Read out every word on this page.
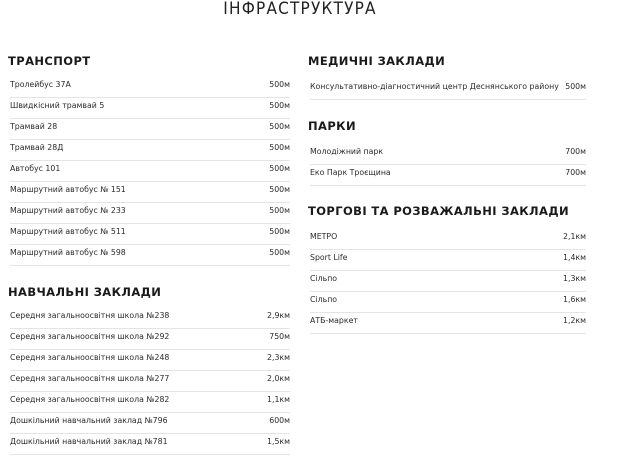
ІНФРАСТРУКТУРА
ТРАНСПОРТ
Тролейбус 37А	500м
Швидкісний трамвай 5	500м
Трамвай 28	500м
Трамвай 28Д	500м
Автобус 101	500м
Маршрутний автобус № 151	500м
Маршрутний автобус № 233	500м
Маршрутний автобус № 511	500м
Маршрутний автобус № 598	500м
НАВЧАЛЬНІ ЗАКЛАДИ
Середня загальноосвітня школа №238	2,9км
Середня загальноосвітня школа №292	750м
Середня загальноосвітня школа №248	2,3км
Середня загальноосвітня школа №277	2,0км
Середня загальноосвітня школа №282	1,1км
Дошкільний навчальний заклад №796	600м
Дошкільний навчальний заклад №781	1,5км
МЕДИЧНІ ЗАКЛАДИ
Консультативно-діагностичний центр Деснянського району 500м
ПАРКИ
Молодіжний парк	700м
Еко Парк Троєщина	700м
ТОРГОВІ ТА РОЗВАЖАЛЬНІ ЗАКЛАДИ
МЕТРО	2,1км
Sport Life	1,4км
Сільпо	1,3км
Сільпо	1,6км
АТБ-маркет	1,2км
